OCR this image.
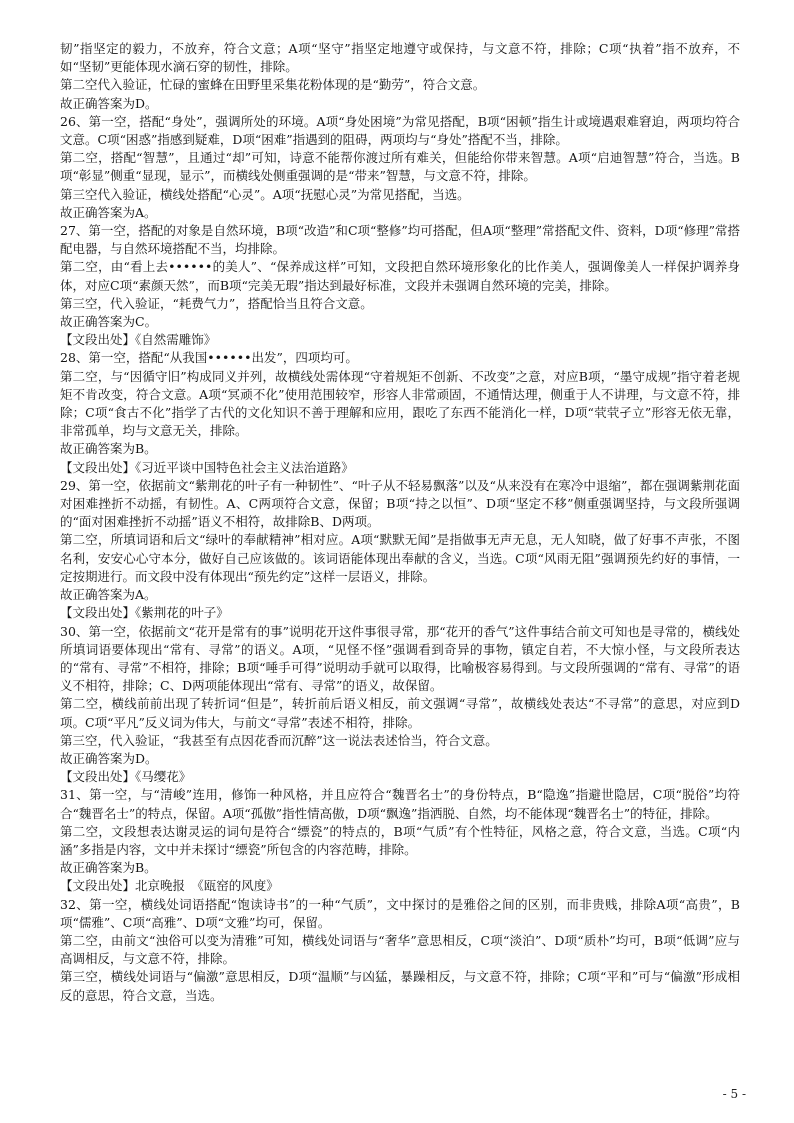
韧”指坚定的毅力，不放弃，符合文意；A项“坚守”指坚定地遵守或保持，与文意不符，排除；C项“执着”指不放弃，不如“坚韧”更能体现水滴石穿的韧性，排除。

第二空代入验证，忙碌的蜜蜂在田野里采集花粉体现的是“勤劳”，符合文意。

故正确答案为D。

26、第一空，搭配“身处”，强调所处的环境。A项“身处困境”为常见搭配，B项“困顿”指生计或境遇艰难窘迫，两项均符合文意。C项“困惑”指感到疑难，D项“困难”指遇到的阻碍，两项均与“身处”搭配不当，排除。

第二空，搭配“智慧”，且通过“却”可知，诗意不能帮你渡过所有难关，但能给你带来智慧。A项“启迪智慧”符合，当选。B项“彰显”侧重“显现，显示”，而横线处侧重强调的是“带来”智慧，与文意不符，排除。

第三空代入验证，横线处搭配“心灵”。A项“抚慰心灵”为常见搭配，当选。

故正确答案为A。

27、第一空，搭配的对象是自然环境，B项“改造”和C项“整修”均可搭配，但A项“整理”常搭配文件、资料，D项“修理”常搭配电器，与自然环境搭配不当，均排除。

第二空，由“看上去••••••的美人”、“保养成这样”可知，文段把自然环境形象化的比作美人，强调像美人一样保护调养身体，对应C项“素颜天然”，而B项“完美无瑕”指达到最好标准，文段并未强调自然环境的完美，排除。

第三空，代入验证，“耗费气力”，搭配恰当且符合文意。

故正确答案为C。

【文段出处】《自然需雕饰》

28、第一空，搭配“从我国••••••出发”，四项均可。

第二空，与“因循守旧”构成同义并列，故横线处需体现“守着规矩不创新、不改变”之意，对应B项，“墨守成规”指守着老规矩不肯改变，符合文意。A项“冥顽不化”使用范围较窄，形容人非常顽固，不通情达理，侧重于人不讲理，与文意不符，排除；C项“食古不化”指学了古代的文化知识不善于理解和应用，跟吃了东西不能消化一样，D项“茕茕孑立”形容无依无靠，非常孤单，均与文意无关，排除。

故正确答案为B。

【文段出处】《习近平谈中国特色社会主义法治道路》

29、第一空，依据前文“紫荆花的叶子有一种韧性”、“叶子从不轻易飘落”以及“从来没有在寒冷中退缩”，都在强调紫荆花面对困难挫折不动摇，有韧性。A、C两项符合文意，保留；B项“持之以恒”、D项“坚定不移”侧重强调坚持，与文段所强调的“面对困难挫折不动摇”语义不相符，故排除B、D两项。

第二空，所填词语和后文“绿叶的奉献精神”相对应。A项“默默无闻”是指做事无声无息，无人知晓，做了好事不声张，不图名利，安安心心守本分，做好自己应该做的。该词语能体现出奉献的含义，当选。C项“风雨无阻”强调预先约好的事情，一定按期进行。而文段中没有体现出“预先约定”这样一层语义，排除。

故正确答案为A。

【文段出处】《紫荆花的叶子》

30、第一空，依据前文“花开是常有的事”说明花开这件事很寻常，那“花开的香气”这件事结合前文可知也是寻常的，横线处所填词语要体现出“常有、寻常”的语义。A项，“见怪不怪”强调看到奇异的事物，镇定自若，不大惊小怪，与文段所表达的“常有、寻常”不相符，排除；B项“唾手可得”说明动手就可以取得，比喻极容易得到。与文段所强调的“常有、寻常”的语义不相符，排除；C、D两项能体现出“常有、寻常”的语义，故保留。

第二空，横线前前出现了转折词“但是”，转折前后语义相反，前文强调“寻常”，故横线处表达“不寻常”的意思，对应到D项。C项“平凡”反义词为伟大，与前文“寻常”表述不相符，排除。

第三空，代入验证，“我甚至有点因花香而沉醉”这一说法表述恰当，符合文意。

故正确答案为D。

【文段出处】《马缨花》

31、第一空，与“清峻”连用，修饰一种风格，并且应符合“魏晋名士”的身份特点，B“隐逸”指避世隐居，C项“脱俗”均符合“魏晋名士”的特点，保留。A项“孤傲”指性情高傲，D项“飘逸”指洒脱、自然，均不能体现“魏晋名士”的特征，排除。

第二空，文段想表达谢灵运的词句是符合“缥瓷”的特点的，B项“气质”有个性特征，风格之意，符合文意，当选。C项“内涵”多指是内容，文中并未探讨“缥瓷”所包含的内容范畴，排除。

故正确答案为B。

【文段出处】北京晚报　《瓯窑的风度》

32、第一空，横线处词语搭配“饱读诗书”的一种“气质”，文中探讨的是雅俗之间的区别，而非贵贱，排除A项“高贵”，B项“儒雅”、C项“高雅”、D项“文雅”均可，保留。

第二空，由前文“浊俗可以变为清雅”可知，横线处词语与“奢华”意思相反，C项“淡泊”、D项“质朴”均可，B项“低调”应与高调相反，与文意不符，排除。

第三空，横线处词语与“偏激”意思相反，D项“温顺”与凶猛，暴躁相反，与文意不符，排除；C项“平和”可与“偏激”形成相反的意思，符合文意，当选。

- 5 -
